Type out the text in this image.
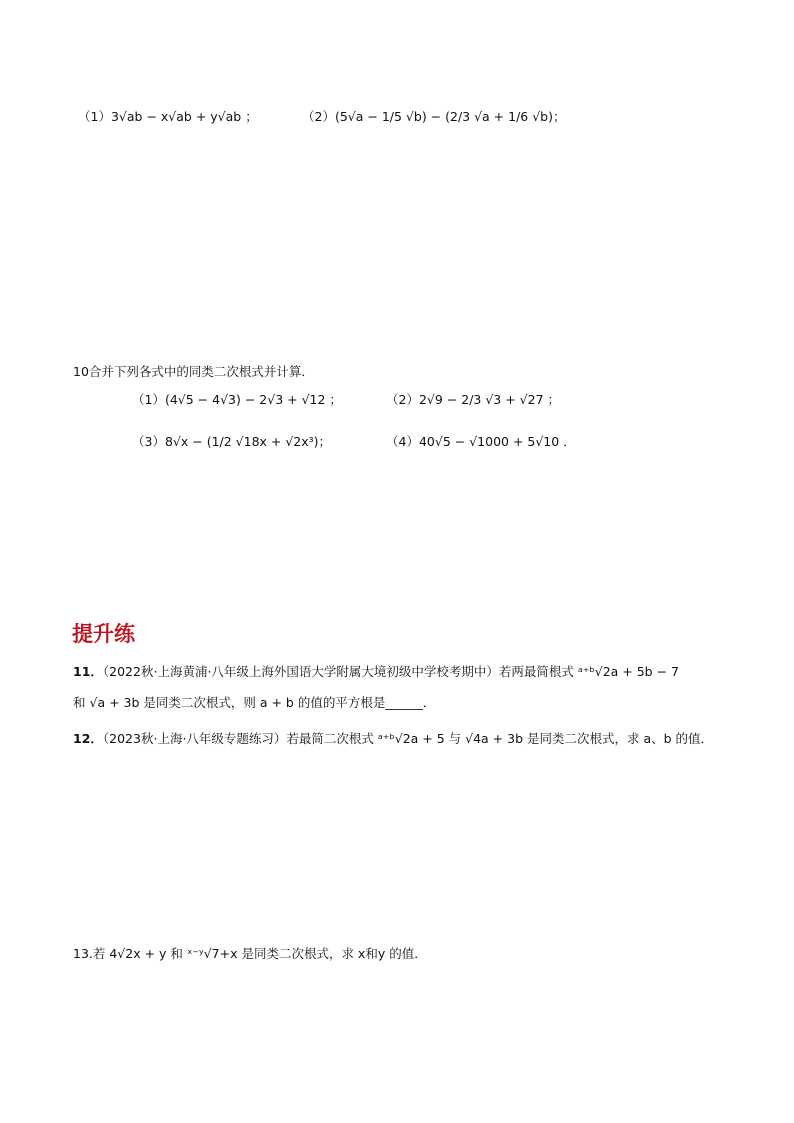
（1）3√ab − x√ab + y√ab ；	（2）(5√a − 1/5 √b) − (2/3 √a + 1/6 √b)；
10合并下列各式中的同类二次根式并计算．
（1）(4√5 − 4√3) − 2√3 + √12 ；	（2）2√9 − 2/3 √3 + √27 ；
（3）8√x − (1/2 √18x + √2x³)；	（4）40√5 − √1000 + 5√10 ．
提升练
11．（2022秋·上海黄浦·八年级上海外国语大学附属大境初级中学校考期中）若两最简根式 ᵃ⁺ᵇ√2a + 5b − 7
和 √a + 3b 是同类二次根式，则 a + b 的值的平方根是______．
12．（2023秋·上海·八年级专题练习）若最简二次根式 ᵃ⁺ᵇ√2a + 5 与 √4a + 3b 是同类二次根式，求 a、b 的值．
13.若 4√2x + y 和 ˣ⁻ʸ√7+x 是同类二次根式，求 x和y 的值．
